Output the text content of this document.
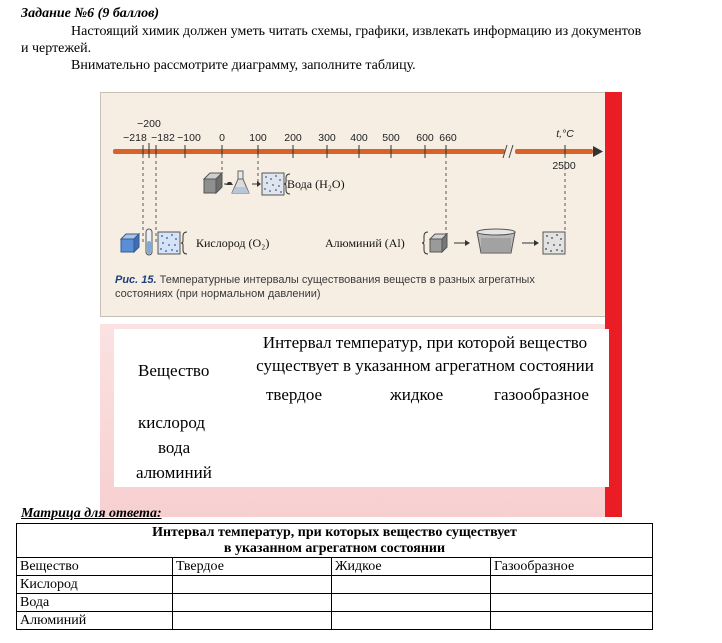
Задание №6 (9 баллов)
Настоящий химик должен уметь читать схемы, графики, извлекать информацию из документов
и чертежей.
Внимательно рассмотрите диаграмму, заполните таблицу.
−200
−218 −182 −100 0 100 200 300 400 500 600 660	t,°C
2500
Вода (H₂O)
Кислород (O₂)	Алюминий (Al)
Рис. 15. Температурные интервалы существования веществ в разных агрегатных
состояниях (при нормальном давлении)
Вещество
Интервал температур, при которой вещество
существует в указанном агрегатном состоянии
твердое	жидкое	газообразное
кислород
вода
алюминий
Матрица для ответа:
Интервал температур, при которых вещество существует
в указанном агрегатном состоянии			
Вещество	Твердое	Жидкое	Газообразное
Кислород			
Вода			
Алюминий			
